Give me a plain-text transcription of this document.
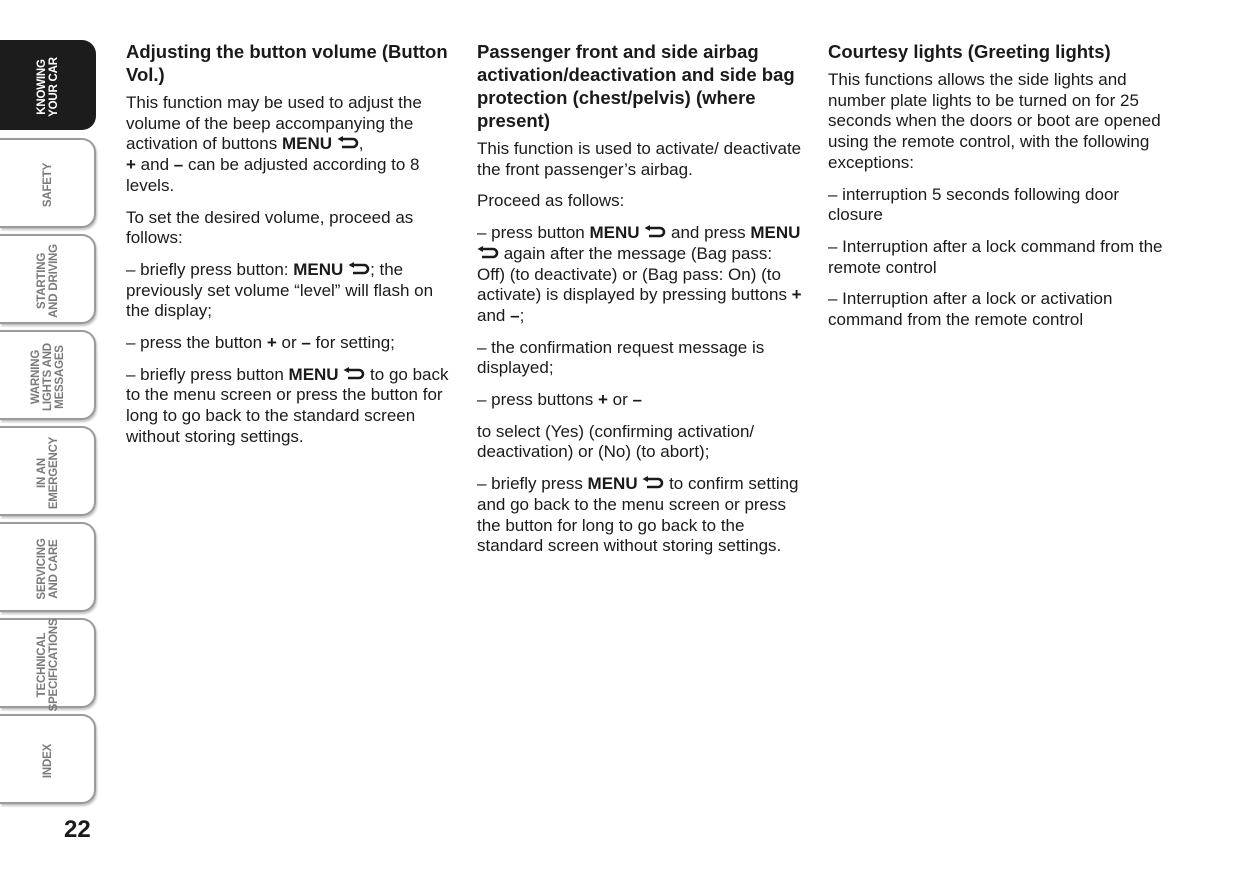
KNOWING
YOUR CAR
SAFETY
STARTING
AND DRIVING
WARNING
LIGHTS AND
MESSAGES
IN AN
EMERGENCY
SERVICING
AND CARE
TECHNICAL
SPECIFICATIONS
INDEX
22
Adjusting the button volume (Button Vol.)

This function may be used to adjust the volume of the beep accompanying the activation of buttons MENU ,
+ and – can be adjusted according to 8 levels.

To set the desired volume, proceed as follows:

– briefly press button: MENU ; the previously set volume “level” will flash on the display;

– press the button + or – for setting;

– briefly press button MENU
to go back to the menu screen or press the button for long to go back to the standard screen without storing settings.

Passenger front and side airbag activation/deactivation and side bag protection (chest/pelvis) (where present)

This function is used to activate/ deactivate the front passenger’s airbag.

Proceed as follows:

– press button MENU
and press MENU
again after the message (Bag pass: Off) (to deactivate) or (Bag pass: On) (to activate) is displayed by pressing buttons + and –;

– the confirmation request message is displayed;

– press buttons + or –

to select (Yes) (confirming activation/ deactivation) or (No) (to abort);

– briefly press MENU
to confirm setting and go back to the menu screen or press the button for long to go back to the standard screen without storing settings.

Courtesy lights (Greeting lights)

This functions allows the side lights and number plate lights to be turned on for 25 seconds when the doors or boot are opened using the remote control, with the following exceptions:

– interruption 5 seconds following door closure

– Interruption after a lock command from the remote control

– Interruption after a lock or activation command from the remote control
